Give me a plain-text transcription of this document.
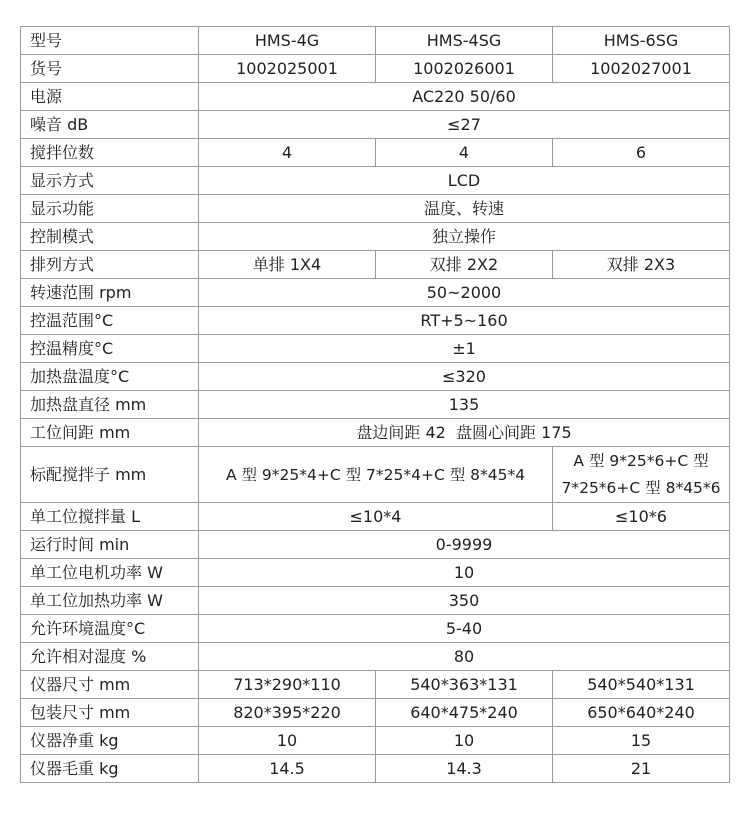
型号	HMS-4G	HMS-4SG	HMS-6SG
货号	1002025001	1002026001	1002027001
电源	AC220 50/60		
噪音 dB	≤27		
搅拌位数	4	4	6
显示方式	LCD		
显示功能	温度、转速		
控制模式	独立操作		
排列方式	单排 1X4	双排 2X2	双排 2X3
转速范围 rpm	50~2000		
控温范围°C	RT+5~160		
控温精度°C	±1		
加热盘温度°C	≤320		
加热盘直径 mm	135		
工位间距 mm	盘边间距 42  盘圆心间距 175		
标配搅拌子 mm	A 型 9*25*4+C 型 7*25*4+C 型 8*45*4		A 型 9*25*6+C 型 7*25*6+C 型 8*45*6
单工位搅拌量 L	≤10*4		≤10*6
运行时间 min	0-9999		
单工位电机功率 W	10		
单工位加热功率 W	350		
允许环境温度°C	5-40		
允许相对湿度 %	80		
仪器尺寸 mm	713*290*110	540*363*131	540*540*131
包装尺寸 mm	820*395*220	640*475*240	650*640*240
仪器净重 kg	10	10	15
仪器毛重 kg	14.5	14.3	21
